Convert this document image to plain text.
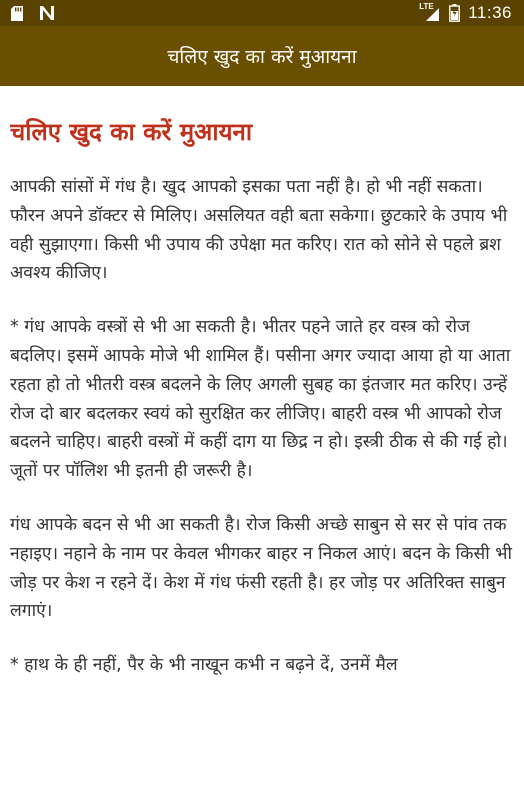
LTE 11:36
चलिए खुद का करें मुआयना
चलिए खुद का करें मुआयना

आपकी सांसों में गंध है। खुद आपको इसका पता नहीं है। हो भी नहीं सकता। फौरन अपने डॉक्टर से मिलिए। असलियत वही बता सकेगा। छुटकारे के उपाय भी वही सुझाएगा। किसी भी उपाय की उपेक्षा मत करिए। रात को सोने से पहले ब्रश अवश्य कीजिए।

* गंध आपके वस्त्रों से भी आ सकती है। भीतर पहने जाते हर वस्त्र को रोज बदलिए। इसमें आपके मोजे भी शामिल हैं। पसीना अगर ज्यादा आया हो या आता रहता हो तो भीतरी वस्त्र बदलने के लिए अगली सुबह का इंतजार मत करिए। उन्हें रोज दो बार बदलकर स्वयं को सुरक्षित कर लीजिए। बाहरी वस्त्र भी आपको रोज बदलने चाहिए। बाहरी वस्त्रों में कहीं दाग या छिद्र न हो। इस्त्री ठीक से की गई हो। जूतों पर पॉलिश भी इतनी ही जरूरी है।

गंध आपके बदन से भी आ सकती है। रोज किसी अच्छे साबुन से सर से पांव तक नहाइए। नहाने के नाम पर केवल भीगकर बाहर न निकल आएं। बदन के किसी भी जोड़ पर केश न रहने दें। केश में गंध फंसी रहती है। हर जोड़ पर अतिरिक्त साबुन लगाएं।

* हाथ के ही नहीं, पैर के भी नाखून कभी न बढ़ने दें, उनमें मैल
